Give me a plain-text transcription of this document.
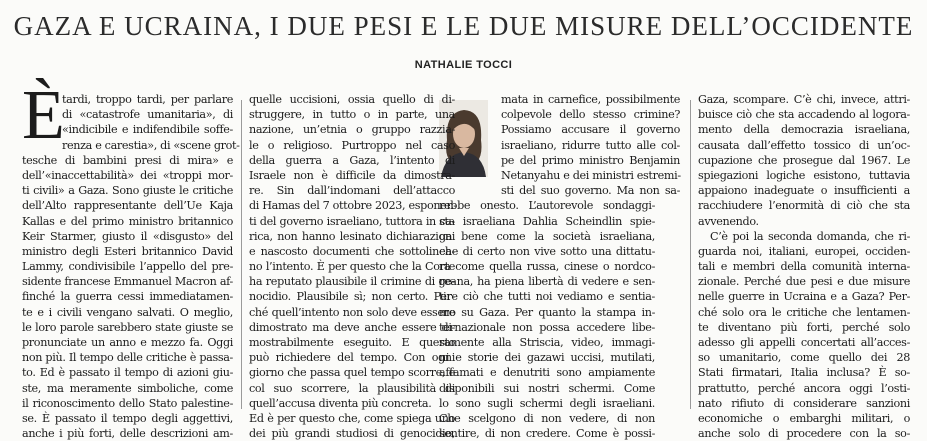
GAZA E UCRAINA, I DUE PESI E LE DUE MISURE DELL’OCCIDENTE
NATHALIE TOCCI
È
tardi, troppo tardi, per parlare
di «catastrofe umanitaria», di
«indicibile e indifendibile soffe-
renza e carestia», di «scene grot-
tesche di bambini presi di mira» e
dell’«inaccettabilità» dei «troppi mor-
ti civili» a Gaza. Sono giuste le critiche
dell’Alto rappresentante dell’Ue Kaja
Kallas e del primo ministro britannico
Keir Starmer, giusto il «disgusto» del
ministro degli Esteri britannico David
Lammy, condivisibile l’appello del pre-
sidente francese Emmanuel Macron af-
finché la guerra cessi immediatamen-
te e i civili vengano salvati. O meglio,
le loro parole sarebbero state giuste se
pronunciate un anno e mezzo fa. Oggi
non più. Il tempo delle critiche è passa-
to. Ed è passato il tempo di azioni giu-
ste, ma meramente simboliche, come
il riconoscimento dello Stato palestine-
se. È passato il tempo degli aggettivi,
anche i più forti, delle descrizioni am-
quelle uccisioni, ossia quello di di-
struggere, in tutto o in parte, una
nazione, un’etnia o gruppo razzia-
le o religioso. Purtroppo nel caso
della guerra a Gaza, l’intento di
Israele non è difficile da dimostra-
re. Sin dall’indomani dell’attacco
di Hamas del 7 ottobre 2023, esponen-
ti del governo israeliano, tuttora in ca-
rica, non hanno lesinato dichiarazioni
e nascosto documenti che sottolinea-
no l’intento. È per questo che la Corte
ha reputato plausibile il crimine di ge-
nocidio. Plausibile sì; non certo. Per-
ché quell’intento non solo deve essere
dimostrato ma deve anche essere di-
mostrabilmente eseguito. E questo
può richiedere del tempo. Con ogni
giorno che passa quel tempo scorre, e
col suo scorrere, la plausibilità di
quell’accusa diventa più concreta.
Ed è per questo che, come spiega uno
dei più grandi studiosi di genocidio,
mata in carnefice, possibilmente
colpevole dello stesso crimine?
Possiamo accusare il governo
israeliano, ridurre tutto alle col-
pe del primo ministro Benjamin
Netanyahu e dei ministri estremi-
sti del suo governo. Ma non sa-
rebbe onesto. L’autorevole sondaggi-
sta israeliana Dahlia Scheindlin spie-
ga bene come la società israeliana,
che di certo non vive sotto una dittatu-
ra come quella russa, cinese o nordco-
reana, ha piena libertà di vedere e sen-
tire ciò che tutti noi vediamo e sentia-
mo su Gaza. Per quanto la stampa in-
ternazionale non possa accedere libe-
ramente alla Striscia, video, immagi-
ni e storie dei gazawi uccisi, mutilati,
affamati e denutriti sono ampiamente
disponibili sui nostri schermi. Come
lo sono sugli schermi degli israeliani.
Che scelgono di non vedere, di non
sentire, di non credere. Come è possi-
Gaza, scompare. C’è chi, invece, attri-
buisce ciò che sta accadendo al logora-
mento della democrazia israeliana,
causata dall’effetto tossico di un’oc-
cupazione che prosegue dal 1967. Le
spiegazioni logiche esistono, tuttavia
appaiono inadeguate o insufficienti a
racchiudere l’enormità di ciò che sta
avvenendo.
C’è poi la seconda domanda, che ri-
guarda noi, italiani, europei, occiden-
tali e membri della comunità interna-
zionale. Perché due pesi e due misure
nelle guerre in Ucraina e a Gaza? Per-
ché solo ora le critiche che lentamen-
te diventano più forti, perché solo
adesso gli appelli concertati all’acces-
so umanitario, come quello dei 28
Stati firmatari, Italia inclusa? È so-
prattutto, perché ancora oggi l’osti-
nato rifiuto di considerare sanzioni
economiche o embarghi militari, o
anche solo di procedere con la so-
